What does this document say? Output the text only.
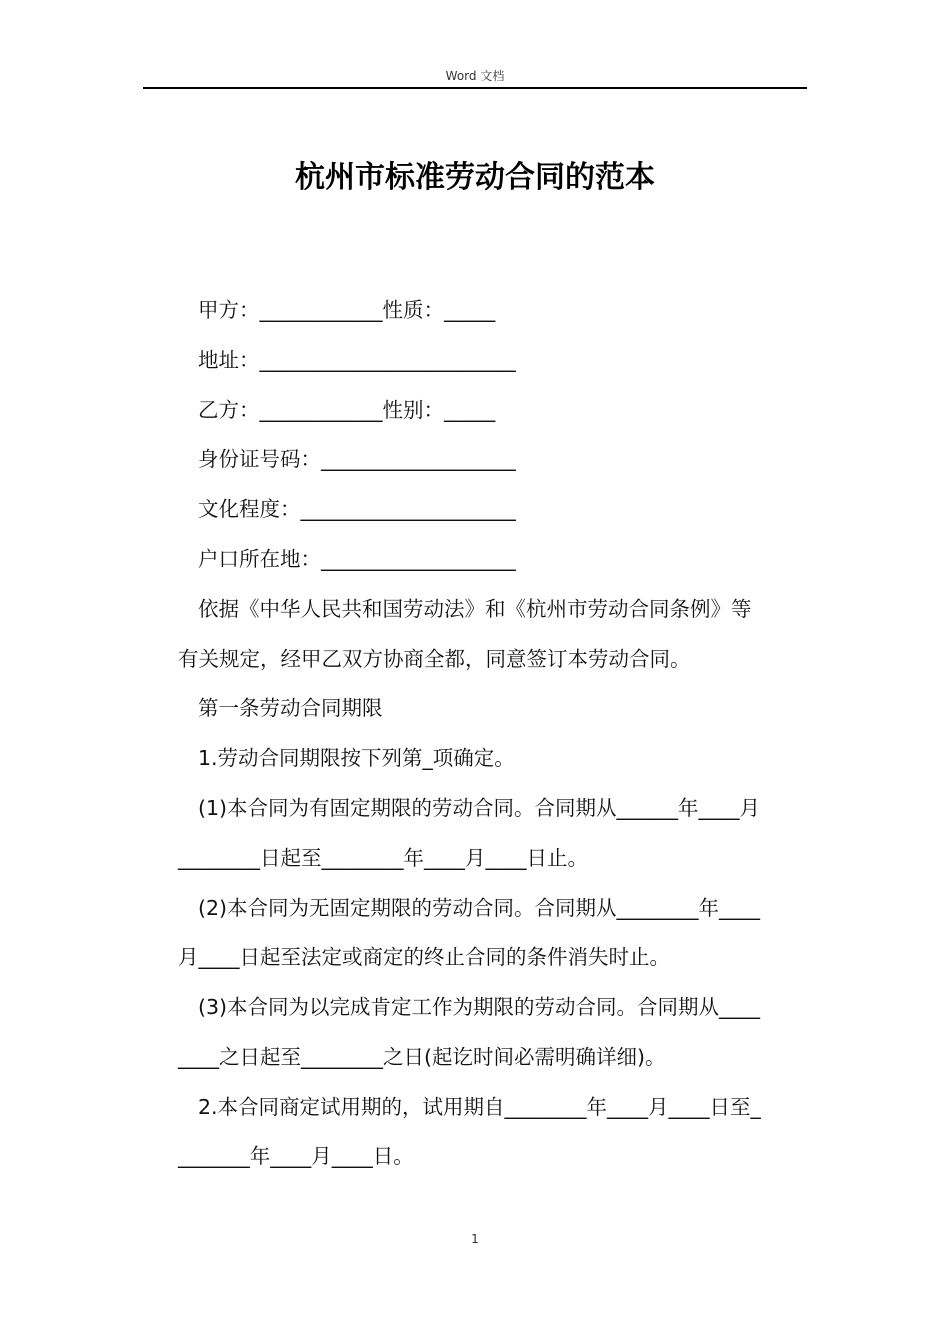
Word 文档
杭州市标准劳动合同的范本
甲方：____________性质：_____
地址：_________________________
乙方：____________性别：_____
身份证号码：___________________
文化程度：_____________________
户口所在地：___________________
依据《中华人民共和国劳动法》和《杭州市劳动合同条例》等
有关规定，经甲乙双方协商全都，同意签订本劳动合同。
第一条劳动合同期限
1.劳动合同期限按下列第_项确定。
(1)本合同为有固定期限的劳动合同。合同期从______年____月
________日起至________年____月____日止。
(2)本合同为无固定期限的劳动合同。合同期从________年____
月____日起至法定或商定的终止合同的条件消失时止。
(3)本合同为以完成肯定工作为期限的劳动合同。合同期从____
____之日起至________之日(起讫时间必需明确详细)。
2.本合同商定试用期的，试用期自________年____月____日至_
_______年____月____日。
1
